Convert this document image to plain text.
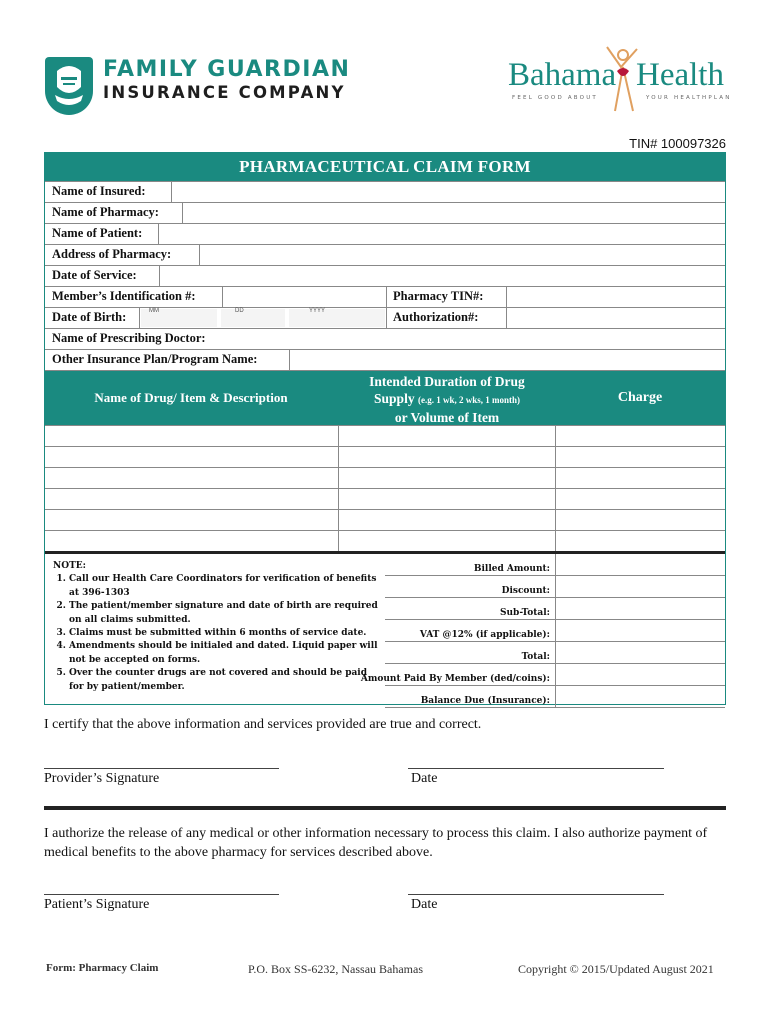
FAMILY GUARDIAN
INSURANCE COMPANY	Bahama Health
FEEL GOOD ABOUT	YOUR HEALTHPLAN
TIN# 100097326
PHARMACEUTICAL CLAIM FORM
Name of Insured:
Name of Pharmacy:
Name of Patient:
Address of Pharmacy:
Date of Service:
Member’s Identification #:	Pharmacy TIN#:
Date of Birth:	MM	DD	YYYY	Authorization#:
Name of Prescribing Doctor:
Other Insurance Plan/Program Name:
Name of Drug/ Item & Description
Intended Duration of Drug
Supply (e.g. 1 wk, 2 wks, 1 month)
or Volume of Item
Charge
NOTE:
1. Call our Health Care Coordinators for verification of benefits at 396-1303
2. The patient/member signature and date of birth are required on all claims submitted.
3. Claims must be submitted within 6 months of service date.
4. Amendments should be initialed and dated. Liquid paper will not be accepted on forms.
5. Over the counter drugs are not covered and should be paid for by patient/member.
Billed Amount:
Discount:
Sub-Total:
VAT @12% (if applicable):
Total:
Amount Paid By Member (ded/coins):
Balance Due (Insurance):
I certify that the above information and services provided are true and correct.
Provider’s Signature	Date
I authorize the release of any medical or other information necessary to process this claim. I also authorize payment of medical benefits to the above pharmacy for services described above.
Patient’s Signature	Date
Form: Pharmacy Claim	P.O. Box SS-6232, Nassau Bahamas	Copyright © 2015/Updated August 2021
